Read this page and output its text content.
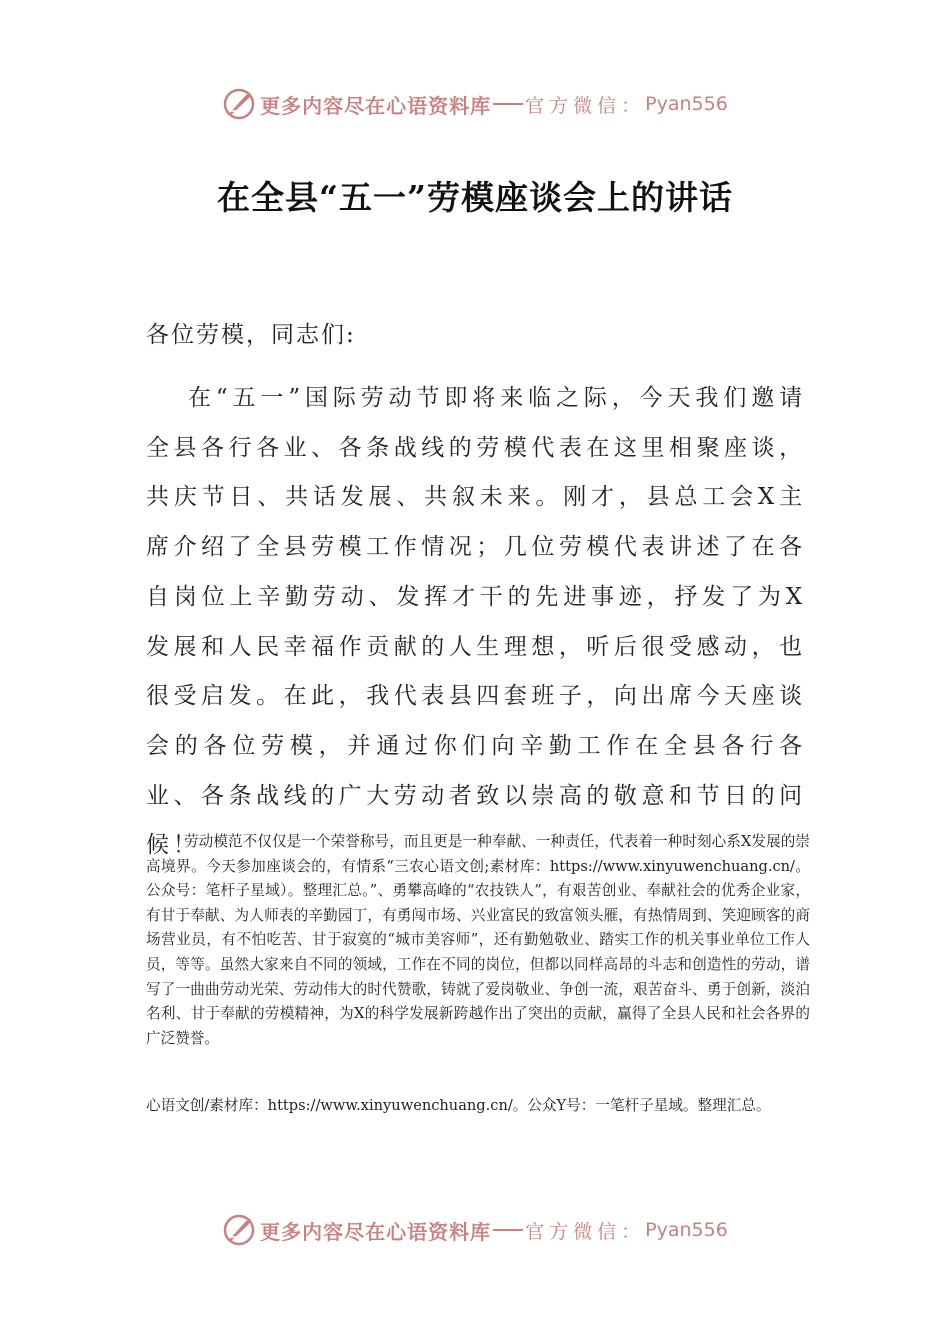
更多内容尽在心语资料库 官方微信： Pyan556
在全县“五一”劳模座谈会上的讲话
各位劳模，同志们:

在“五一”国际劳动节即将来临之际，今天我们邀请全县各行各业、各条战线的劳模代表在这里相聚座谈，共庆节日、共话发展、共叙未来。刚才，县总工会X主席介绍了全县劳模工作情况；几位劳模代表讲述了在各自岗位上辛勤劳动、发挥才干的先进事迹，抒发了为X发展和人民幸福作贡献的人生理想，听后很受感动，也很受启发。在此，我代表县四套班子，向出席今天座谈会的各位劳模，并通过你们向辛勤工作在全县各行各业、各条战线的广大劳动者致以崇高的敬意和节日的问候！

劳动模范不仅仅是一个荣誉称号，而且更是一种奉献、一种责任，代表着一种时刻心系X发展的崇高境界。今天参加座谈会的，有情系“三农心语文创;素材库：https://www.xinyuwenchuang.cn/。公众号：笔杆子星域）。整理汇总。”、勇攀高峰的“农技铁人”，有艰苦创业、奉献社会的优秀企业家，有甘于奉献、为人师表的辛勤园丁，有勇闯市场、兴业富民的致富领头雁，有热情周到、笑迎顾客的商场营业员，有不怕吃苦、甘于寂寞的“城市美容师”，还有勤勉敬业、踏实工作的机关事业单位工作人员，等等。虽然大家来自不同的领域，工作在不同的岗位，但都以同样高昂的斗志和创造性的劳动，谱写了一曲曲劳动光荣、劳动伟大的时代赞歌，铸就了爱岗敬业、争创一流，艰苦奋斗、勇于创新，淡泊名利、甘于奉献的劳模精神，为X的科学发展新跨越作出了突出的贡献，赢得了全县人民和社会各界的广泛赞誉。

心语文创/素材库：https://www.xinyuwenchuang.cn/。公众Y号：一笔杆子星域。整理汇总。

更多内容尽在心语资料库 官方微信： Pyan556
